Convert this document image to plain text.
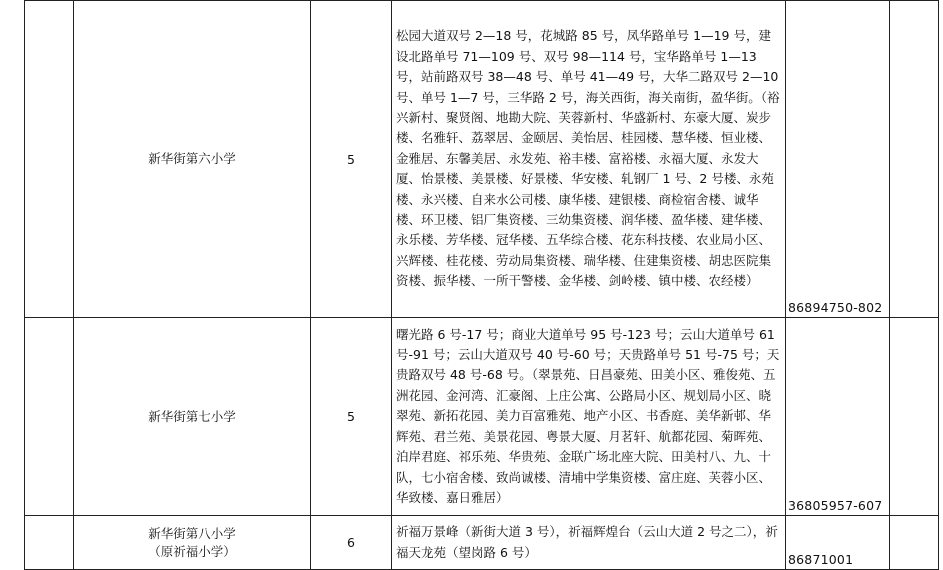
	新华街第六小学	5	松园大道双号 2—18 号，花城路 85 号，凤华路单号 1—19 号，建设北路单号 71—109 号、双号 98—114 号，宝华路单号 1—13 号，站前路双号 38—48 号、单号 41—49 号，大华二路双号 2—10 号、单号 1—7 号，三华路 2 号，海关西街，海关南街，盈华街。（裕兴新村、聚贤阁、地勘大院、芙蓉新村、华盛新村、东豪大厦、炭步楼、名雅轩、荔翠居、金颐居、美怡居、桂园楼、慧华楼、恒业楼、金雅居、东馨美居、永发苑、裕丰楼、富裕楼、永福大厦、永发大厦、怡景楼、美景楼、好景楼、华安楼、轧钢厂 1 号、2 号楼、永苑楼、永兴楼、自来水公司楼、康华楼、建银楼、商检宿舍楼、诚华楼、环卫楼、铝厂集资楼、三幼集资楼、润华楼、盈华楼、建华楼、永乐楼、芳华楼、冠华楼、五华综合楼、花东科技楼、农业局小区、兴辉楼、桂花楼、劳动局集资楼、瑞华楼、住建集资楼、胡忠医院集资楼、振华楼、一所干警楼、金华楼、剑岭楼、镇中楼、农经楼）	86894750-802	

	新华街第七小学	5	曙光路 6 号-17 号；商业大道单号 95 号-123 号；云山大道单号 61 号-91 号；云山大道双号 40 号-60 号；天贵路单号 51 号-75 号；天贵路双号 48 号-68 号。（翠景苑、日昌豪苑、田美小区、雅俊苑、五洲花园、金河湾、汇豪阁、上庄公寓、公路局小区、规划局小区、晓翠苑、新拓花园、美力百富雅苑、地产小区、书香庭、美华新邨、华辉苑、君兰苑、美景花园、粤景大厦、月茗轩、航都花园、菊晖苑、泊岸君庭、祁乐苑、华贵苑、金联广场北座大院、田美村八、九、十队，七小宿舍楼、致尚诚楼、清埔中学集资楼、富庄庭、芙蓉小区、华致楼、嘉日雅居）	36805957-607	

	新华街第八小学
（原祈福小学）	6	祈福万景峰（新街大道 3 号），祈福辉煌台（云山大道 2 号之二），祈福天龙苑（望岗路 6 号）	86871001	
